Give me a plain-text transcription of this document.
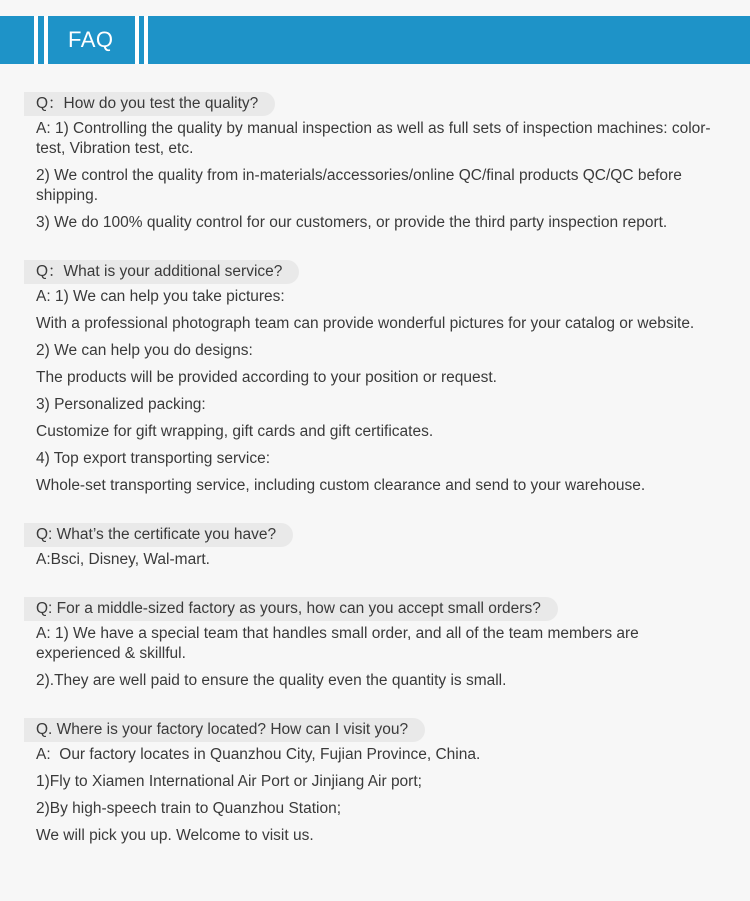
FAQ
Q：How do you test the quality?
A: 1) Controlling the quality by manual inspection as well as full sets of inspection machines: color-test, Vibration test, etc.
2) We control the quality from in-materials/accessories/online QC/final products QC/QC before shipping.
3) We do 100% quality control for our customers, or provide the third party inspection report.
Q：What is your additional service?
A: 1) We can help you take pictures:
With a professional photograph team can provide wonderful pictures for your catalog or website.
2) We can help you do designs:
The products will be provided according to your position or request.
3) Personalized packing:
Customize for gift wrapping, gift cards and gift certificates.
4) Top export transporting service:
Whole-set transporting service, including custom clearance and send to your warehouse.
Q: What’s the certificate you have?
A:Bsci, Disney, Wal-mart.
Q: For a middle-sized factory as yours, how can you accept small orders?
A: 1) We have a special team that handles small order, and all of the team members are experienced & skillful.
2).They are well paid to ensure the quality even the quantity is small.
Q. Where is your factory located? How can I visit you?
A:  Our factory locates in Quanzhou City, Fujian Province, China.
1)Fly to Xiamen International Air Port or Jinjiang Air port;
2)By high-speech train to Quanzhou Station;
We will pick you up. Welcome to visit us.
